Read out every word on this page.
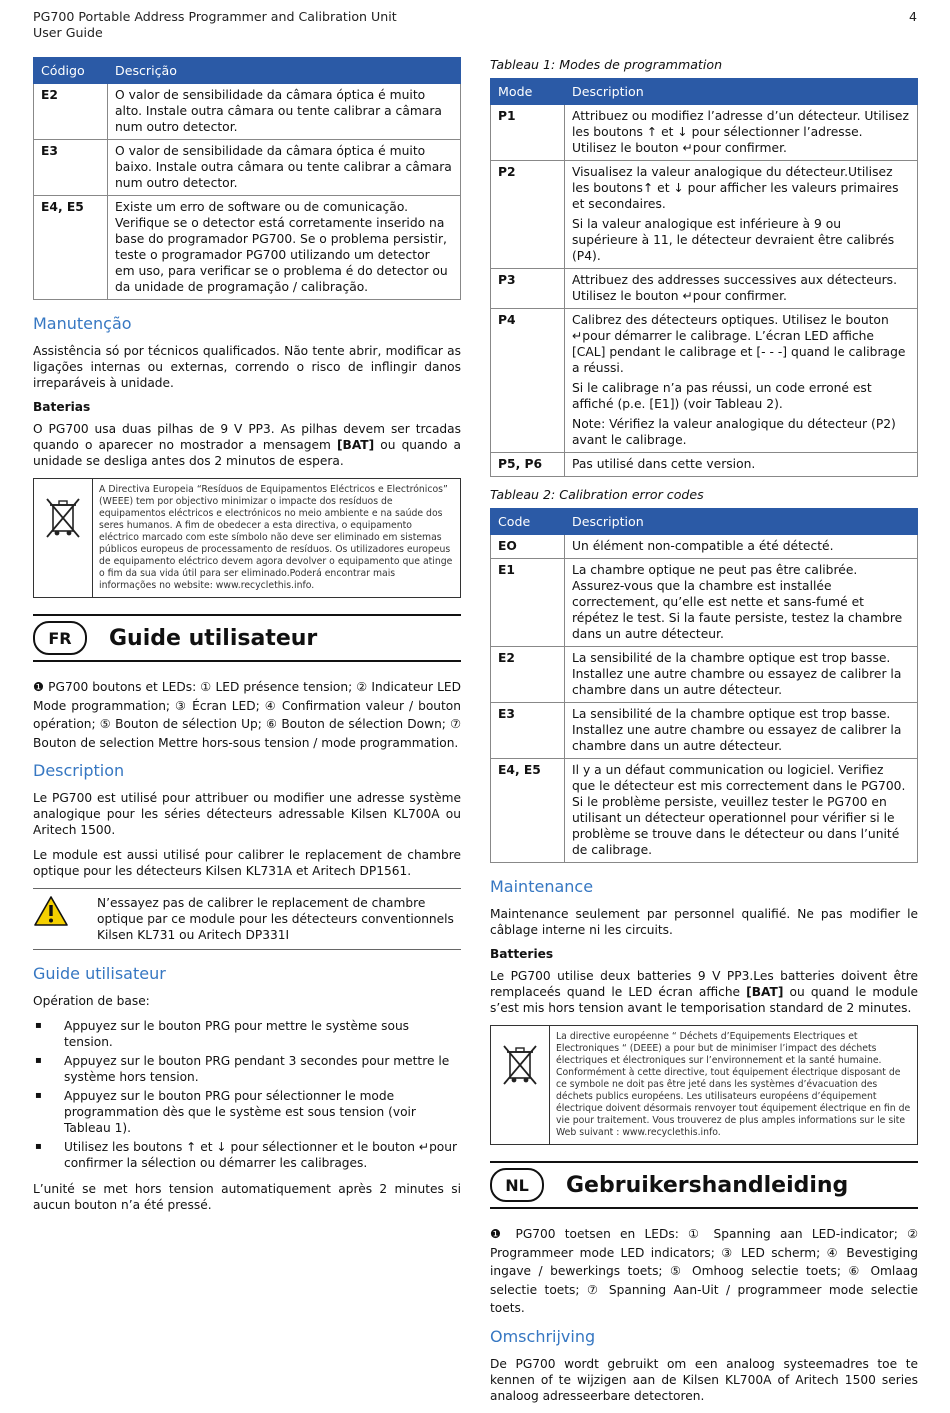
PG700 Portable Address Programmer and Calibration Unit
User Guide
4
Código	Descrição
E2	O valor de sensibilidade da câmara óptica é muito alto. Instale outra câmara ou tente calibrar a câmara num outro detector.
E3	O valor de sensibilidade da câmara óptica é muito baixo. Instale outra câmara ou tente calibrar a câmara num outro detector.
E4, E5	Existe um erro de software ou de comunicação. Verifique se o detector está corretamente inserido na base do programador PG700. Se o problema persistir, teste o programador PG700 utilizando um detector em uso, para verificar se o problema é do detector ou da unidade de programação / calibração.
Manutenção

Assistência só por técnicos qualificados. Não tente abrir, modificar as ligações internas ou externas, correndo o risco de inflingir danos irreparáveis à unidade.

Baterias

O PG700 usa duas pilhas de 9 V PP3. As pilhas devem ser trcadas quando o aparecer no mostrador a mensagem [BAT] ou quando a unidade se desliga antes dos 2 minutos de espera.

A Directiva Europeia “Resíduos de Equipamentos Eléctricos e Electrónicos” (WEEE) tem por objectivo minimizar o impacte dos resíduos de equipamentos eléctricos e electrónicos no meio ambiente e na saúde dos seres humanos. A fim de obedecer a esta directiva, o equipamento eléctrico marcado com este símbolo não deve ser eliminado em sistemas públicos europeus de processamento de resíduos. Os utilizadores europeus de equipamento eléctrico devem agora devolver o equipamento que atinge o fim da sua vida útil para ser eliminado.Poderá encontrar mais informações no website: www.recyclethis.info.
FR	Guide utilisateur

❶ PG700 boutons et LEDs: ① LED présence tension; ② Indicateur LED Mode programmation; ③ Écran LED; ④ Confirmation valeur / bouton opération; ⑤ Bouton de sélection Up; ⑥ Bouton de sélection Down; ⑦ Bouton de selection Mettre hors-sous tension / mode programmation.

Description

Le PG700 est utilisé pour attribuer ou modifier une adresse système analogique pour les séries détecteurs adressable Kilsen KL700A ou Aritech 1500.

Le module est aussi utilisé pour calibrer le replacement de chambre optique pour les détecteurs Kilsen KL731A et Aritech DP1561.

N’essayez pas de calibrer le replacement de chambre optique par ce module pour les détecteurs conventionnels Kilsen KL731 ou Aritech DP331I
Guide utilisateur

Opération de base:

▪ Appuyez sur le bouton PRG pour mettre le système sous tension.
▪ Appuyez sur le bouton PRG pendant 3 secondes pour mettre le système hors tension.
▪ Appuyez sur le bouton PRG pour sélectionner le mode programmation dès que le système est sous tension (voir Tableau 1).
▪ Utilisez les boutons ↑ et ↓ pour sélectionner et le bouton ↵pour confirmer la sélection ou démarrer les calibrages.

L’unité se met hors tension automatiquement après 2 minutes si aucun bouton n’a été pressé.

Tableau 1: Modes de programmation
Mode	Description
P1	Attribuez ou modifiez l’adresse d’un détecteur. Utilisez les boutons ↑ et ↓ pour sélectionner l’adresse. Utilisez le bouton ↵pour confirmer.

P2	Visualisez la valeur analogique du détecteur.Utilisez les boutons↑ et ↓ pour afficher les valeurs primaires et secondaires.

Si la valeur analogique est inférieure à 9 ou supérieure à 11, le détecteur devraient être calibrés (P4).

P3	Attribuez des addresses successives aux détecteurs. Utilisez le bouton ↵pour confirmer.

P4	Calibrez des détecteurs optiques. Utilisez le bouton ↵pour démarrer le calibrage. L’écran LED affiche [CAL] pendant le calibrage et [- - -] quand le calibrage a réussi.

Si le calibrage n’a pas réussi, un code erroné est affiché (p.e. [E1]) (voir Tableau 2).

Note: Vérifiez la valeur analogique du détecteur (P2) avant le calibrage.

P5, P6	Pas utilisé dans cette version.

Tableau 2: Calibration error codes
Code	Description
EO	Un élément non-compatible a été détecté.
E1	La chambre optique ne peut pas être calibrée. Assurez-vous que la chambre est installée correctement, qu’elle est nette et sans-fumé et répétez le test. Si la faute persiste, testez la chambre dans un autre détecteur.
E2	La sensibilité de la chambre optique est trop basse. Installez une autre chambre ou essayez de calibrer la chambre dans un autre détecteur.
E3	La sensibilité de la chambre optique est trop basse. Installez une autre chambre ou essayez de calibrer la chambre dans un autre détecteur.
E4, E5	Il y a un défaut communication ou logiciel. Verifiez que le détecteur est mis correctement dans le PG700. Si le problème persiste, veuillez tester le PG700 en utilisant un détecteur operationnel pour vérifier si le problème se trouve dans le détecteur ou dans l’unité de calibrage.
Maintenance

Maintenance seulement par personnel qualifié. Ne pas modifier le câblage interne ni les circuits.

Batteries

Le PG700 utilise deux batteries 9 V PP3.Les batteries doivent être remplaceés quand le LED écran affiche [BAT] ou quand le module s’est mis hors tension avant le temporisation standard de 2 minutes.

La directive européenne “ Déchets d’Equipements Electriques et Electroniques “ (DEEE) a pour but de minimiser l’impact des déchets électriques et électroniques sur l’environnement et la santé humaine. Conformément à cette directive, tout équipement électrique disposant de ce symbole ne doit pas être jeté dans les systèmes d’évacuation des déchets publics européens. Les utilisateurs européens d’équipement électrique doivent désormais renvoyer tout équipement électrique en fin de vie pour traitement. Vous trouverez de plus amples informations sur le site Web suivant : www.recyclethis.info.
NL	Gebruikershandleiding

❶ PG700 toetsen en LEDs: ① Spanning aan LED-indicator; ② Programmeer mode LED indicators; ③ LED scherm; ④ Bevestiging ingave / bewerkings toets; ⑤ Omhoog selectie toets; ⑥ Omlaag selectie toets; ⑦ Spanning Aan-Uit / programmeer mode selectie toets.

Omschrijving

De PG700 wordt gebruikt om een analoog systeemadres toe te kennen of te wijzigen aan de Kilsen KL700A of Aritech 1500 series analoog adresseerbare detectoren.
